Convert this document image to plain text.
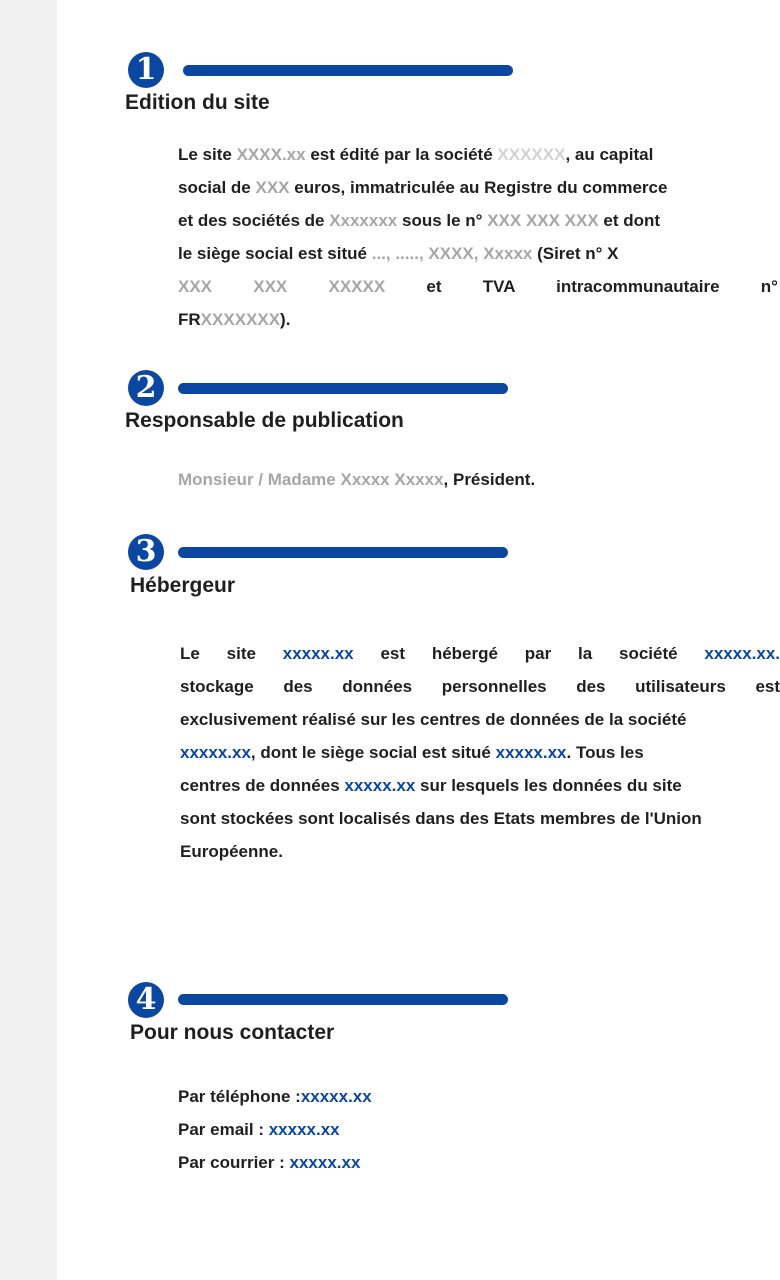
1
Edition du site
Le site XXXX.xx est édité par la société XXXXXX, au capital
social de XXX euros, immatriculée au Registre du commerce
et des sociétés de Xxxxxxx sous le n° XXX XXX XXX et dont
le siège social est situé ..., ....., XXXX, Xxxxx (Siret n° X
XXX XXX XXXXX et TVA intracommunautaire n°
FRXXXXXXX).
2
Responsable de publication
Monsieur / Madame Xxxxx Xxxxx, Président.
3
Hébergeur
Le site xxxxx.xx est hébergé par la société xxxxx.xx.
stockage des données personnelles des utilisateurs est
exclusivement réalisé sur les centres de données de la société
xxxxx.xx, dont le siège social est situé xxxxx.xx. Tous les
centres de données xxxxx.xx sur lesquels les données du site
sont stockées sont localisés dans des Etats membres de l'Union
Européenne.
4
Pour nous contacter
Par téléphone :xxxxx.xx
Par email : xxxxx.xx
Par courrier : xxxxx.xx
